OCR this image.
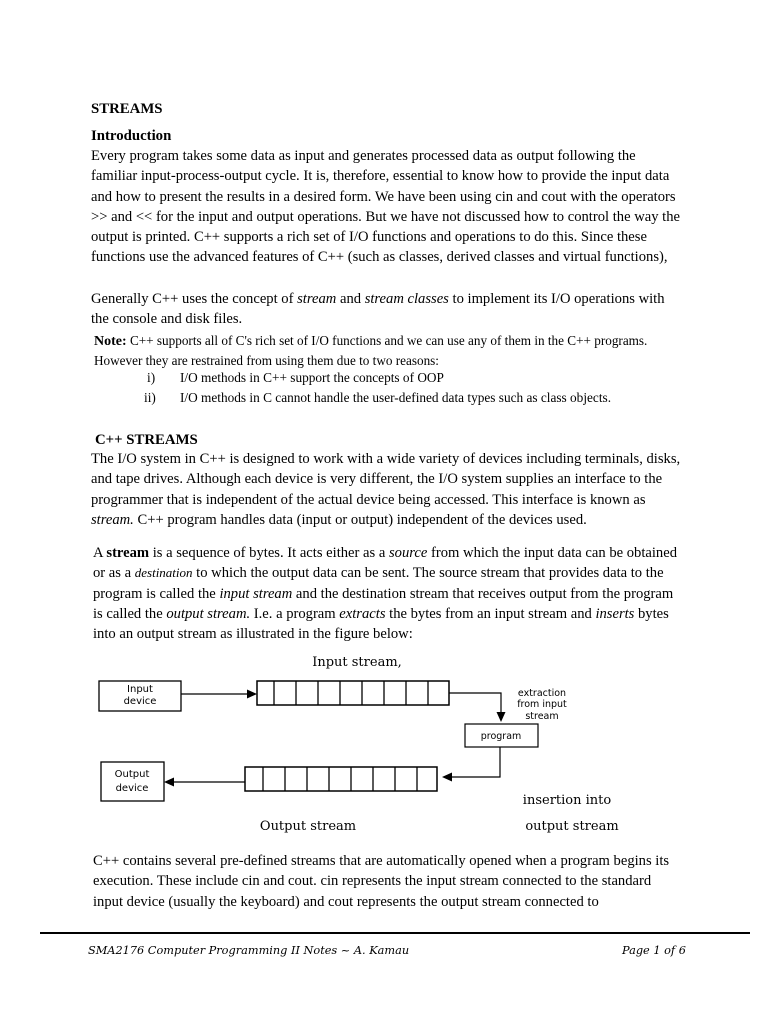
STREAMS
Introduction

Every program takes some data as input and generates processed data as output following the familiar input-process-output cycle. It is, therefore, essential to know how to provide the input data and how to present the results in a desired form. We have been using cin and cout with the operators >> and << for the input and output operations. But we have not discussed how to control the way the output is printed. C++ supports a rich set of I/O functions and operations to do this. Since these functions use the advanced features of C++ (such as classes, derived classes and virtual functions),

Generally C++ uses the concept of stream and stream classes to implement its I/O operations with the console and disk files.

Note: C++ supports all of C's rich set of I/O functions and we can use any of them in the C++ programs. However they are restrained from using them due to two reasons:

i) I/O methods in C++ support the concepts of OOP
ii) I/O methods in C cannot handle the user-defined data types such as class objects.
C++ STREAMS

The I/O system in C++ is designed to work with a wide variety of devices including terminals, disks, and tape drives. Although each device is very different, the I/O system supplies an interface to the programmer that is independent of the actual device being accessed. This interface is known as stream. C++ program handles data (input or output) independent of the devices used.

A stream is a sequence of bytes. It acts either as a source from which the input data can be obtained or as a destination to which the output data can be sent. The source stream that provides data to the program is called the input stream and the destination stream that receives output from the program is called the output stream. I.e. a program extracts the bytes from an input stream and inserts bytes into an output stream as illustrated in the figure below:

Input stream,
Input
device
extraction
from input
stream
program
Output
device
insertion into
output stream
Output stream

C++ contains several pre-defined streams that are automatically opened when a program begins its execution. These include cin and cout. cin represents the input stream connected to the standard input device (usually the keyboard) and cout represents the output stream connected to

SMA2176 Computer Programming II Notes ~ A. Kamau	Page 1 of 6
